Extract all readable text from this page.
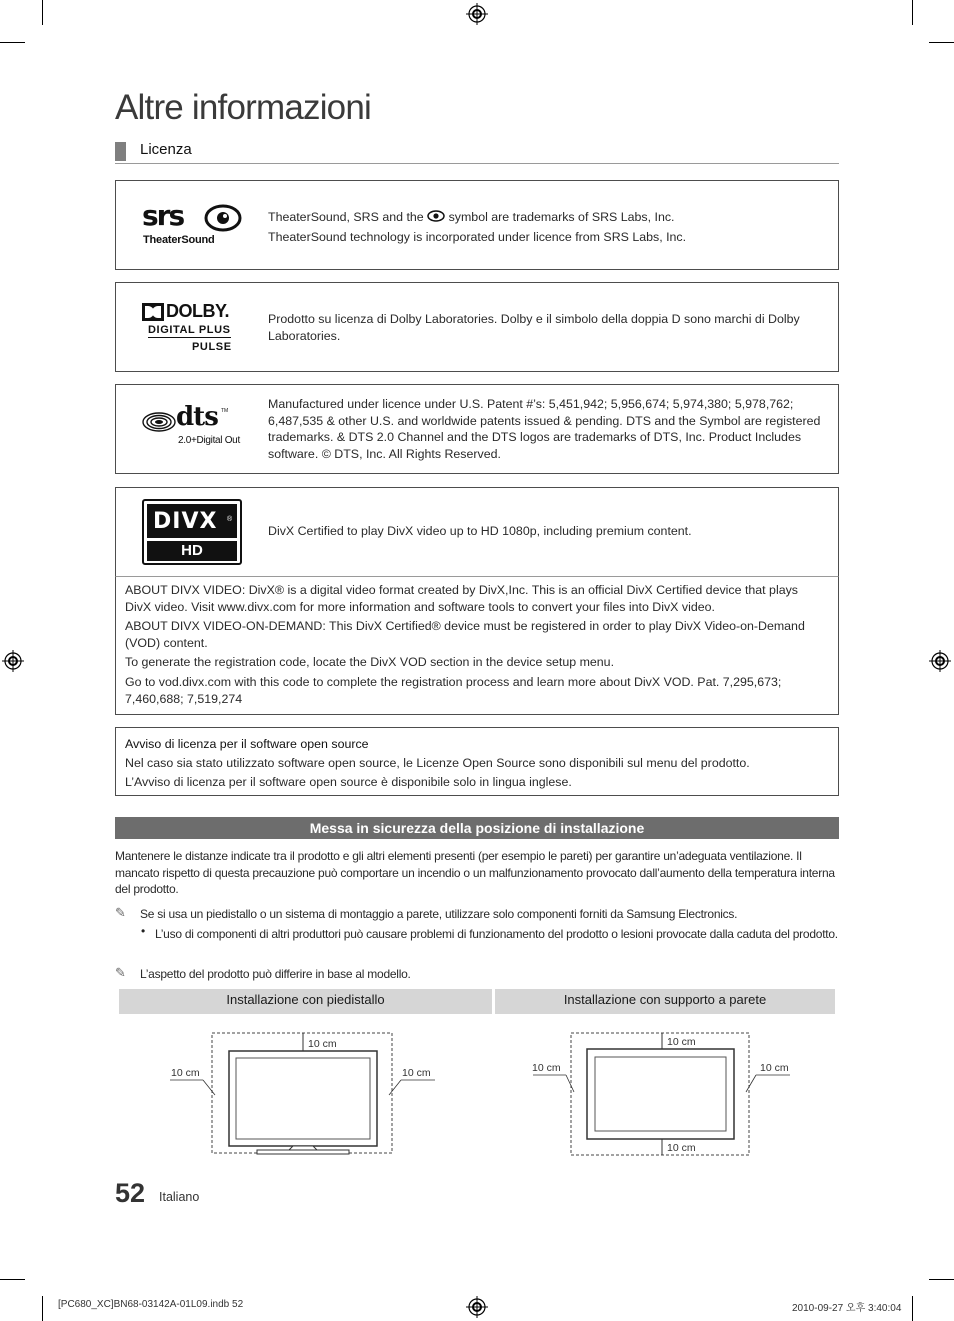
Altre informazioni
Licenza
srs
TheaterSound

TheaterSound, SRS and the symbol are trademarks of SRS Labs, Inc.

TheaterSound technology is incorporated under licence from SRS Labs, Inc.

DOLBY.
DIGITAL PLUS
PULSE

Prodotto su licenza di Dolby Laboratories. Dolby e il simbolo della doppia D sono marchi di Dolby Laboratories.

dts TM
2.0+Digital Out

Manufactured under licence under U.S. Patent #’s: 5,451,942; 5,956,674; 5,974,380; 5,978,762; 6,487,535 & other U.S. and worldwide patents issued & pending. DTS and the Symbol are registered trademarks. & DTS 2.0 Channel and the DTS logos are trademarks of DTS, Inc. Product Includes software. © DTS, Inc. All Rights Reserved.

DIVX ®
HD

DivX Certified to play DivX video up to HD 1080p, including premium content.

ABOUT DIVX VIDEO: DivX® is a digital video format created by DivX,Inc. This is an official DivX Certified device that plays DivX video. Visit www.divx.com for more information and software tools to convert your files into DivX video.

ABOUT DIVX VIDEO-ON-DEMAND: This DivX Certified® device must be registered in order to play DivX Video-on-Demand (VOD) content.

To generate the registration code, locate the DivX VOD section in the device setup menu.

Go to vod.divx.com with this code to complete the registration process and learn more about DivX VOD. Pat. 7,295,673; 7,460,688; 7,519,274

Avviso di licenza per il software open source

Nel caso sia stato utilizzato software open source, le Licenze Open Source sono disponibili sul menu del prodotto.

L’Avviso di licenza per il software open source è disponibile solo in lingua inglese.

Messa in sicurezza della posizione di installazione
Mantenere le distanze indicate tra il prodotto e gli altri elementi presenti (per esempio le pareti) per garantire un’adeguata ventilazione. Il mancato rispetto di questa precauzione può comportare un incendio o un malfunzionamento provocato dall’aumento della temperatura interna del prodotto.
✎ Se si usa un piedistallo o un sistema di montaggio a parete, utilizzare solo componenti forniti da Samsung Electronics.
• L’uso di componenti di altri produttori può causare problemi di funzionamento del prodotto o lesioni provocate dalla caduta del prodotto.
✎ L’aspetto del prodotto può differire in base al modello.
Installazione con piedistallo	Installazione con supporto a parete
10 cm
10 cm	10 cm
10 cm
10 cm	10 cm
10 cm
52 Italiano
[PC680_XC]BN68-03142A-01L09.indb 52	2010-09-27 오후 3:40:04
